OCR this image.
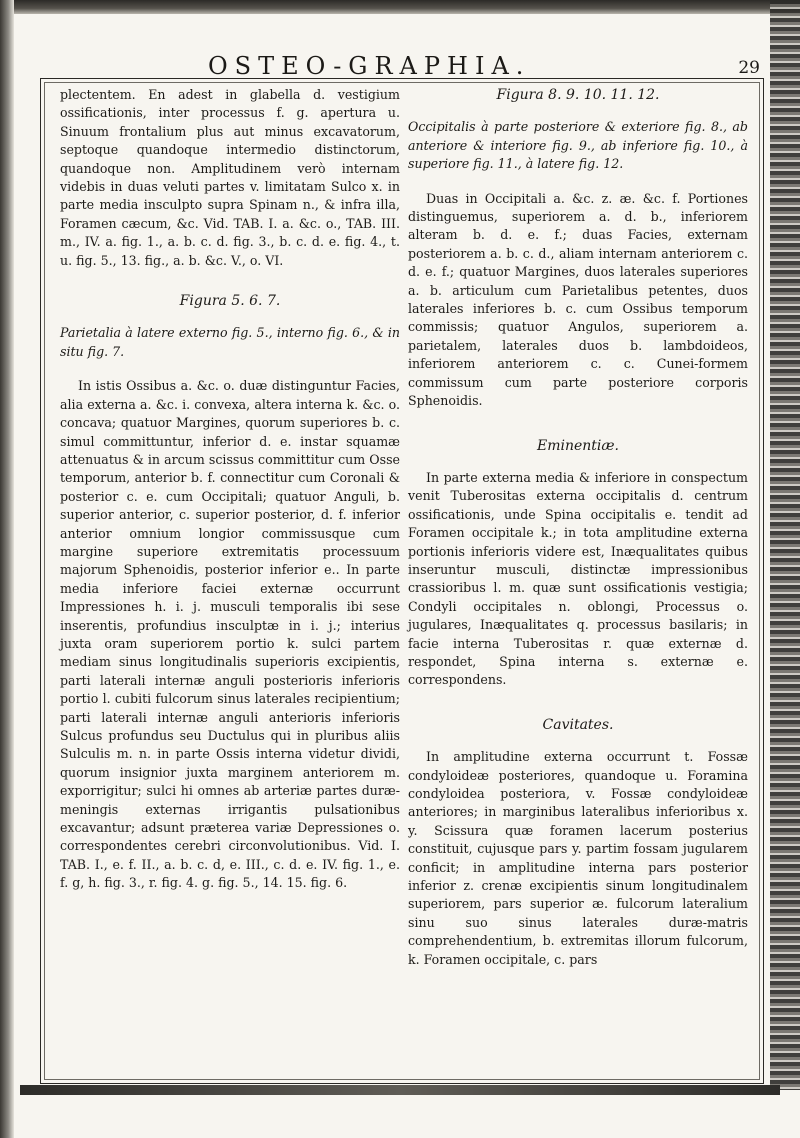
OSTEO-GRAPHIA.	29

plectentem. En adest in glabella d. vestigium ossificationis, inter processus f. g. apertura u. Sinuum frontalium plus aut minus excavatorum, septoque quandoque intermedio distinctorum, quandoque non. Amplitudinem verò internam videbis in duas veluti partes v. limitatam Sulco x. in parte media insculpto supra Spinam n., & infra illa, Foramen cæcum, &c. Vid. TAB. I. a. &c. o., TAB. III. m., IV. a. fig. 1., a. b. c. d. fig. 3., b. c. d. e. fig. 4., t. u. fig. 5., 13. fig., a. b. &c. V., o. VI.

Figura 5. 6. 7.

Parietalia à latere externo fig. 5., interno fig. 6., & in situ fig. 7.

In istis Ossibus a. &c. o. duæ distinguntur Facies, alia externa a. &c. i. convexa, altera interna k. &c. o. concava; quatuor Margines, quorum superiores b. c. simul committuntur, inferior d. e. instar squamæ attenuatus & in arcum scissus committitur cum Osse temporum, anterior b. f. connectitur cum Coronali & posterior c. e. cum Occipitali; quatuor Anguli, b. superior anterior, c. superior posterior, d. f. inferior anterior omnium longior commissusque cum margine superiore extremitatis processuum majorum Sphenoidis, posterior inferior e.. In parte media inferiore faciei externæ occurrunt Impressiones h. i. j. musculi temporalis ibi sese inserentis, profundius insculptæ in i. j.; interius juxta oram superiorem portio k. sulci partem mediam sinus longitudinalis superioris excipientis, parti laterali internæ anguli posterioris inferioris portio l. cubiti fulcorum sinus laterales recipientium; parti laterali internæ anguli anterioris inferioris Sulcus profundus seu Ductulus qui in pluribus aliis Sulculis m. n. in parte Ossis interna videtur dividi, quorum insignior juxta marginem anteriorem m. exporrigitur; sulci hi omnes ab arteriæ partes duræ-meningis externas irrigantis pulsationibus excavantur; adsunt præterea variæ Depressiones o. correspondentes cerebri circonvolutionibus. Vid. I. TAB. I., e. f. II., a. b. c. d, e. III., c. d. e. IV. fig. 1., e. f. g, h. fig. 3., r. fig. 4. g. fig. 5., 14. 15. fig. 6.

Figura 8. 9. 10. 11. 12.

Occipitalis à parte posteriore & exteriore fig. 8., ab anteriore & interiore fig. 9., ab inferiore fig. 10., à superiore fig. 11., à latere fig. 12.

Duas in Occipitali a. &c. z. æ. &c. f. Portiones distinguemus, superiorem a. d. b., inferiorem alteram b. d. e. f.; duas Facies, externam posteriorem a. b. c. d., aliam internam anteriorem c. d. e. f.; quatuor Margines, duos laterales superiores a. b. articulum cum Parietalibus petentes, duos laterales inferiores b. c. cum Ossibus temporum commissis; quatuor Angulos, superiorem a. parietalem, laterales duos b. lambdoideos, inferiorem anteriorem c. c. Cunei-formem commissum cum parte posteriore corporis Sphenoidis.

Eminentiæ.

In parte externa media & inferiore in conspectum venit Tuberositas externa occipitalis d. centrum ossificationis, unde Spina occipitalis e. tendit ad Foramen occipitale k.; in tota amplitudine externa portionis inferioris videre est, Inæqualitates quibus inseruntur musculi, distinctæ impressionibus crassioribus l. m. quæ sunt ossificationis vestigia; Condyli occipitales n. oblongi, Processus o. jugulares, Inæqualitates q. processus basilaris; in facie interna Tuberositas r. quæ externæ d. respondet, Spina interna s. externæ e. correspondens.

Cavitates.

In amplitudine externa occurrunt t. Fossæ condyloideæ posteriores, quandoque u. Foramina condyloidea posteriora, v. Fossæ condyloideæ anteriores; in marginibus lateralibus inferioribus x. y. Scissura quæ foramen lacerum posterius constituit, cujusque pars y. partim fossam jugularem conficit; in amplitudine interna pars posterior inferior z. crenæ excipientis sinum longitudinalem superiorem, pars superior æ. fulcorum lateralium sinu suo sinus laterales duræ-matris comprehendentium, b. extremitas illorum fulcorum, k. Foramen occipitale, c. pars
